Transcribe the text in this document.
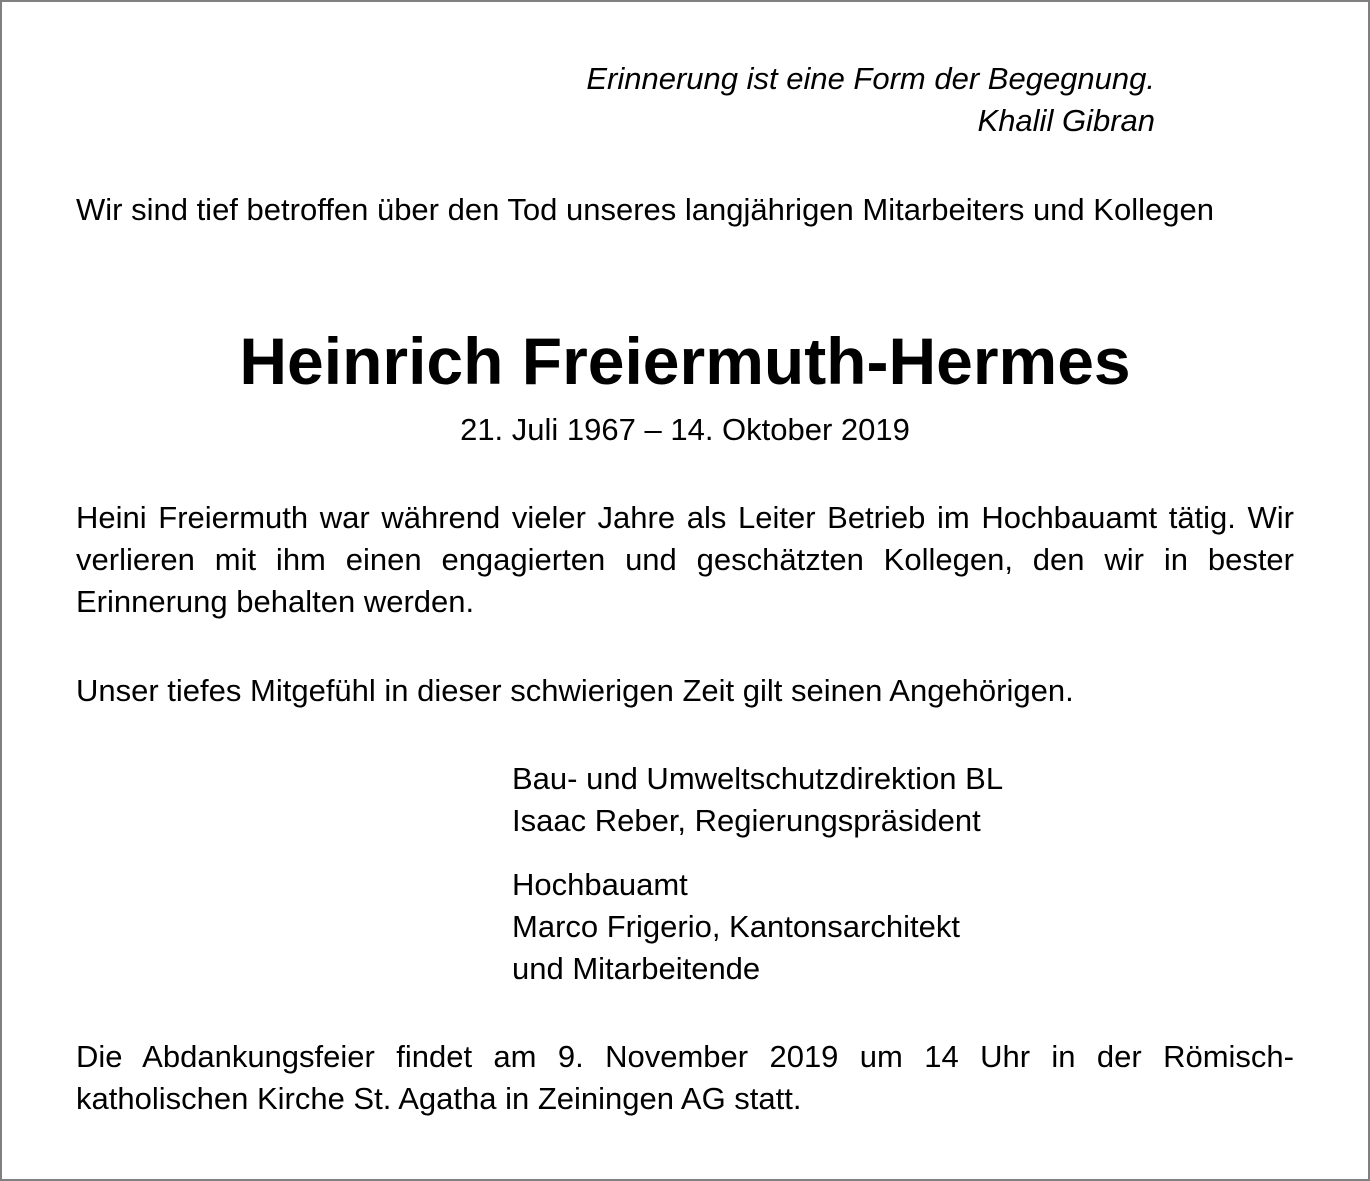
Erinnerung ist eine Form der Begegnung.

Khalil Gibran

Wir sind tief betroffen über den Tod unseres langjährigen Mitarbeiters und Kollegen

Heinrich Freiermuth-Hermes

21. Juli 1967 – 14. Oktober 2019

Heini Freiermuth war während vieler Jahre als Leiter Betrieb im Hochbauamt tätig. Wir verlieren mit ihm einen engagierten und geschätzten Kollegen, den wir in bester Erinnerung behalten werden.

Unser tiefes Mitgefühl in dieser schwierigen Zeit gilt seinen Angehörigen.

Bau- und Umweltschutzdirektion BL
Isaac Reber, Regierungspräsident
Hochbauamt
Marco Frigerio, Kantonsarchitekt
und Mitarbeitende

Die Abdankungsfeier findet am 9. November 2019 um 14 Uhr in der Römisch-katholischen Kirche St. Agatha in Zeiningen AG statt.
